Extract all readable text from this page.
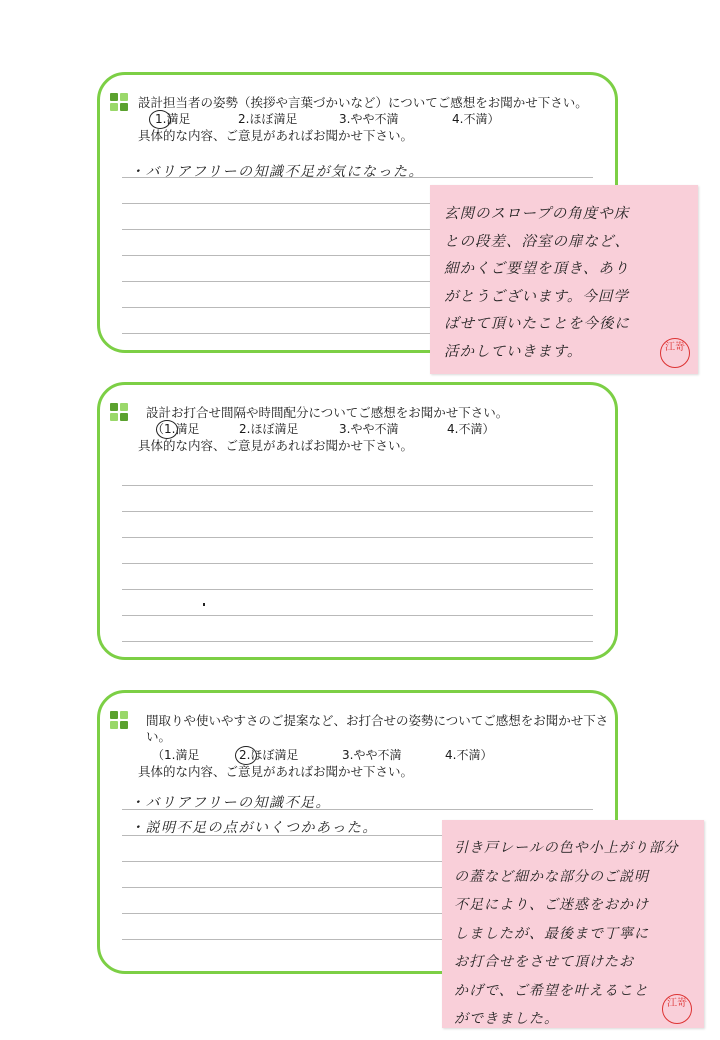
設計担当者の姿勢（挨拶や言葉づかいなど）についてご感想をお聞かせ下さい。
1.満足	2.ほぼ満足	3.やや不満	4.不満）
具体的な内容、ご意見があればお聞かせ下さい。
・バリアフリーの知識不足が気になった。
設計お打合せ間隔や時間配分についてご感想をお聞かせ下さい。
（1.満足	2.ほぼ満足	3.やや不満	4.不満）
具体的な内容、ご意見があればお聞かせ下さい。
間取りや使いやすさのご提案など、お打合せの姿勢についてご感想をお聞かせ下さい。
（1.満足	2.ほぼ満足	3.やや不満	4.不満）
具体的な内容、ご意見があればお聞かせ下さい。
・バリアフリーの知識不足。
・説明不足の点がいくつかあった。
玄関のスロープの角度や床
との段差、浴室の扉など、
細かくご要望を頂き、あり
がとうございます。今回学
ばせて頂いたことを今後に
活かしていきます。	江嵜
引き戸レールの色や小上がり部分
の蓋など細かな部分のご説明
不足により、ご迷惑をおかけ
しましたが、最後まで丁寧に
お打合せをさせて頂けたお
かげで、ご希望を叶えること
ができました。
江嵜
